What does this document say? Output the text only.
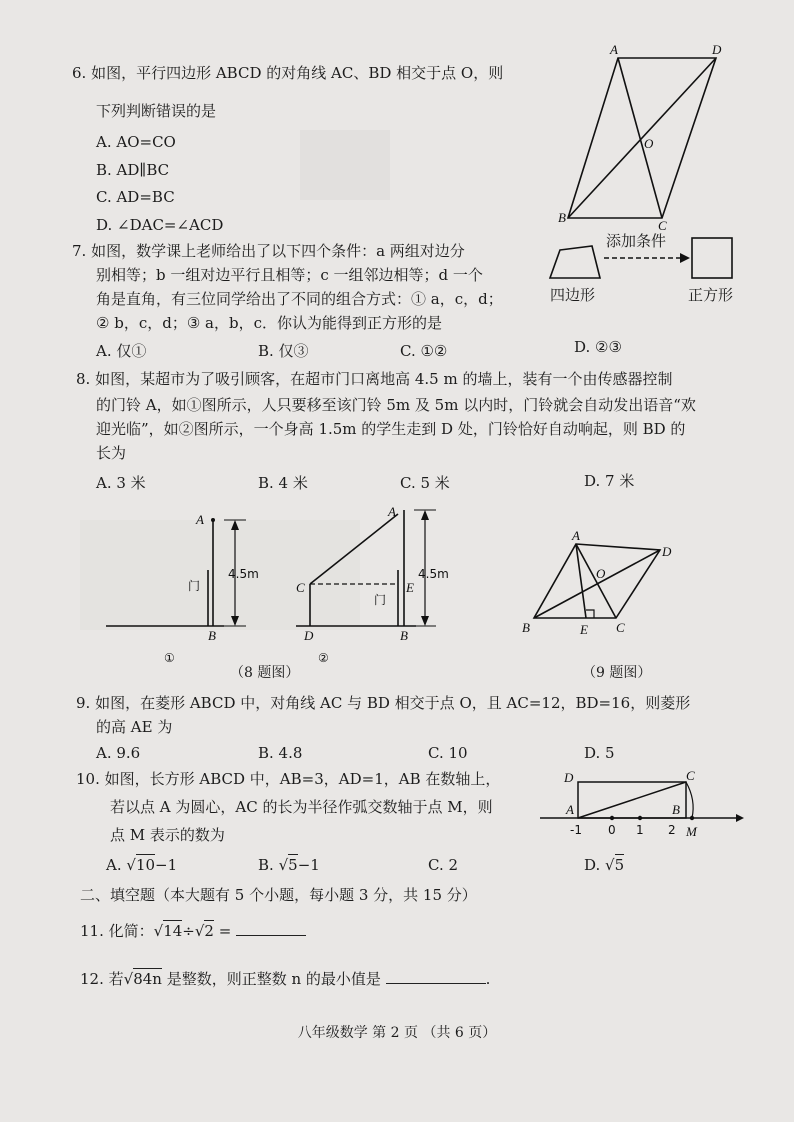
6. 如图，平行四边形 ABCD 的对角线 AC、BD 相交于点 O，则
下列判断错误的是
A. AO=CO
B. AD∥BC
C. AD=BC
D. ∠DAC=∠ACD
A	D
B
C
O
7. 如图，数学课上老师给出了以下四个条件：a 两组对边分
别相等；b 一组对边平行且相等；c 一组邻边相等；d 一个
角是直角，有三位同学给出了不同的组合方式：① a，c，d；
② b，c，d；③ a，b，c．你认为能得到正方形的是
A. 仅①	B. 仅③	C. ①②	D. ②③
添加条件
四边形	正方形
8. 如图，某超市为了吸引顾客，在超市门口离地高 4.5 m 的墙上，装有一个由传感器控制
的门铃 A，如①图所示，人只要移至该门铃 5m 及 5m 以内时，门铃就会自动发出语音“欢
迎光临”，如②图所示，一个身高 1.5m 的学生走到 D 处，门铃恰好自动响起，则 BD 的
长为
A. 3 米	B. 4 米	C. 5 米	D. 7 米
A
B
4.5m
门
①
A
C	E
D	B
4.5m
门
②
（8 题图）
A
D
B	C
E
O
（9 题图）
9. 如图，在菱形 ABCD 中，对角线 AC 与 BD 相交于点 O，且 AC=12，BD=16，则菱形
的高 AE 为
A. 9.6	B. 4.8	C. 10	D. 5
10. 如图，长方形 ABCD 中，AB=3，AD=1，AB 在数轴上，
若以点 A 为圆心，AC 的长为半径作弧交数轴于点 M，则
点 M 表示的数为
A. √10−1	B. √5−1	C. 2	D. √5
D	C
A	B
-1 0 1 2 M
二、填空题（本大题有 5 个小题，每小题 3 分，共 15 分）
11. 化简：√14÷√2 =
12. 若√84n 是整数，则正整数 n 的最小值是	.
八年级数学 第 2 页 （共 6 页）
